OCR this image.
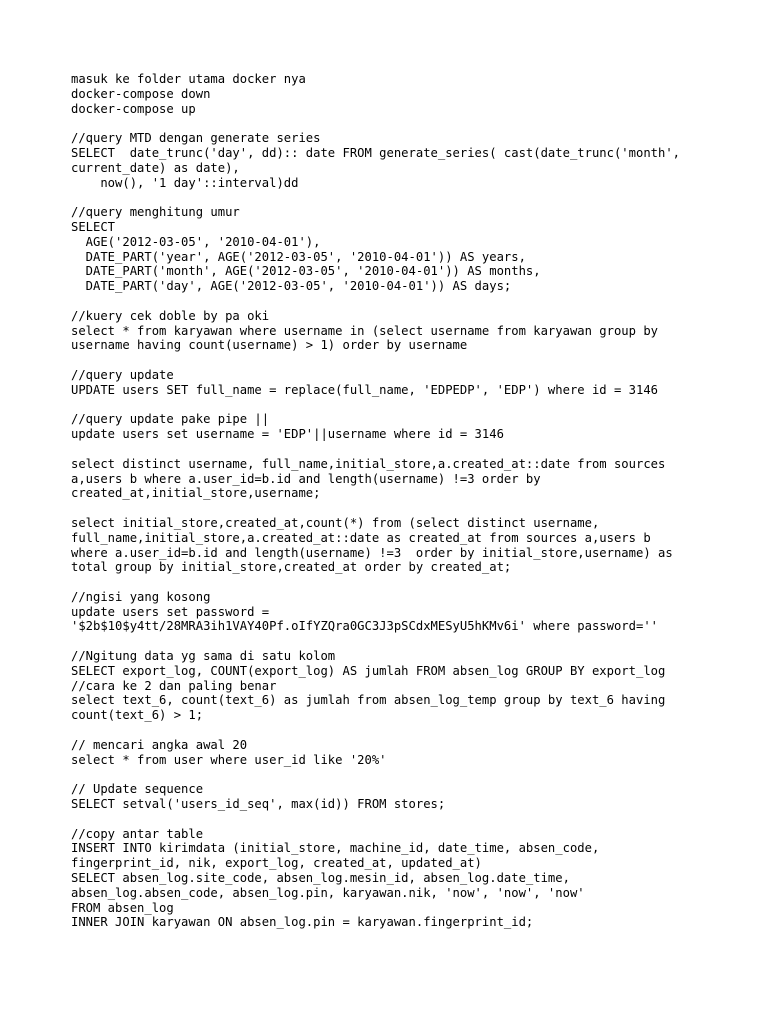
masuk ke folder utama docker nya
docker-compose down
docker-compose up
//query MTD dengan generate series
SELECT  date_trunc('day', dd):: date FROM generate_series( cast(date_trunc('month',
current_date) as date),
now(), '1 day'::interval)dd
//query menghitung umur
SELECT
AGE('2012-03-05', '2010-04-01'),
DATE_PART('year', AGE('2012-03-05', '2010-04-01')) AS years,
DATE_PART('month', AGE('2012-03-05', '2010-04-01')) AS months,
DATE_PART('day', AGE('2012-03-05', '2010-04-01')) AS days;
//kuery cek doble by pa oki
select * from karyawan where username in (select username from karyawan group by
username having count(username) > 1) order by username
//query update
UPDATE users SET full_name = replace(full_name, 'EDPEDP', 'EDP') where id = 3146
//query update pake pipe ||
update users set username = 'EDP'||username where id = 3146
select distinct username, full_name,initial_store,a.created_at::date from sources
a,users b where a.user_id=b.id and length(username) !=3 order by
created_at,initial_store,username;
select initial_store,created_at,count(*) from (select distinct username,
full_name,initial_store,a.created_at::date as created_at from sources a,users b
where a.user_id=b.id and length(username) !=3  order by initial_store,username) as
total group by initial_store,created_at order by created_at;
//ngisi yang kosong
update users set password =
'$2b$10$y4tt/28MRA3ih1VAY40Pf.oIfYZQra0GC3J3pSCdxMESyU5hKMv6i' where password=''
//Ngitung data yg sama di satu kolom
SELECT export_log, COUNT(export_log) AS jumlah FROM absen_log GROUP BY export_log
//cara ke 2 dan paling benar
select text_6, count(text_6) as jumlah from absen_log_temp group by text_6 having
count(text_6) > 1;
// mencari angka awal 20
select * from user where user_id like '20%'
// Update sequence
SELECT setval('users_id_seq', max(id)) FROM stores;
//copy antar table
INSERT INTO kirimdata (initial_store, machine_id, date_time, absen_code,
fingerprint_id, nik, export_log, created_at, updated_at)
SELECT absen_log.site_code, absen_log.mesin_id, absen_log.date_time,
absen_log.absen_code, absen_log.pin, karyawan.nik, 'now', 'now', 'now'
FROM absen_log
INNER JOIN karyawan ON absen_log.pin = karyawan.fingerprint_id;
